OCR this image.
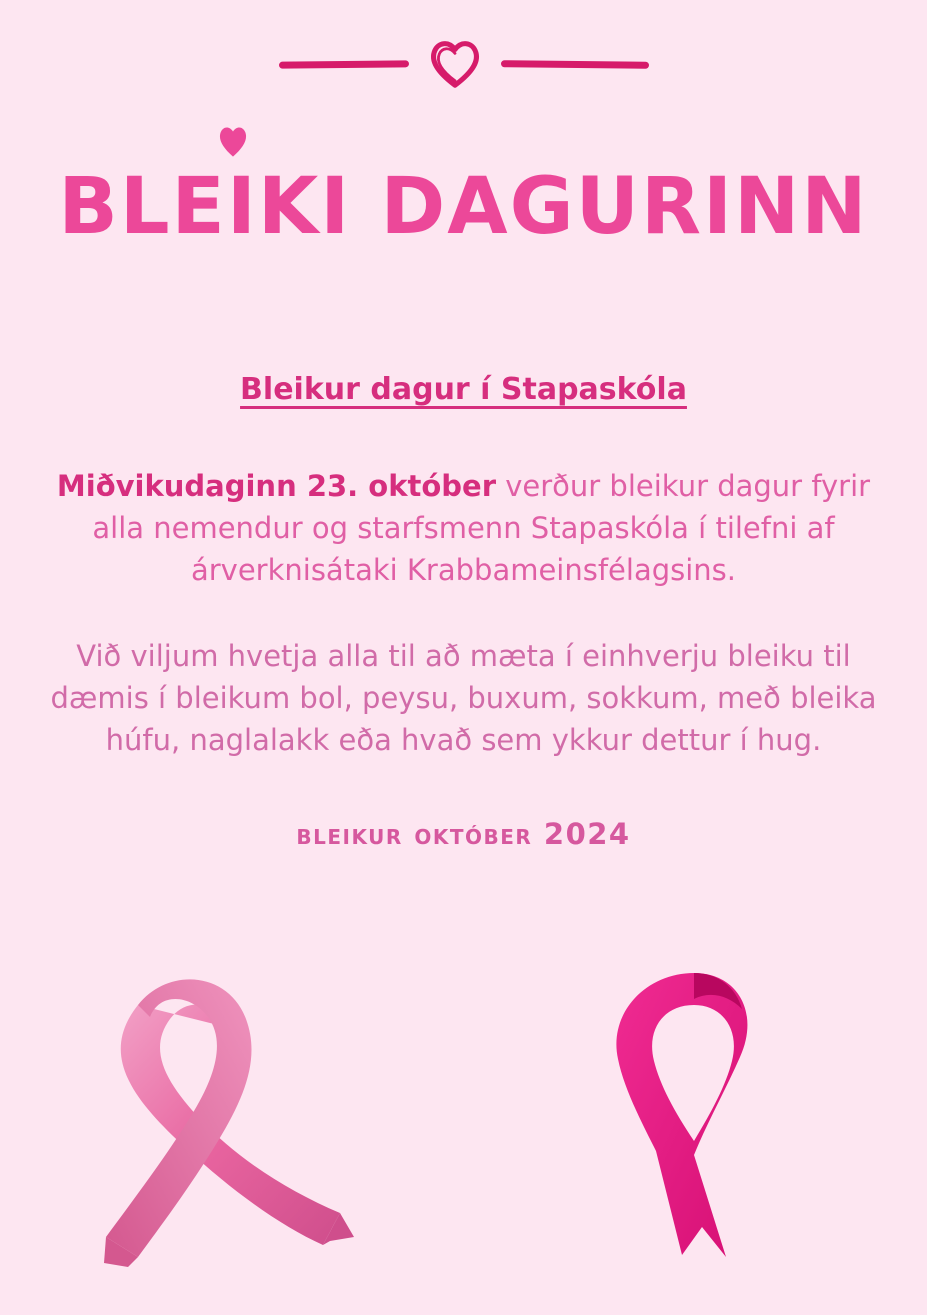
BLEIKI DAGURINN
Bleikur dagur í Stapaskóla

Miðvikudaginn 23. október verður bleikur dagur fyrir alla nemendur og starfsmenn Stapaskóla í tilefni af árverknisátaki Krabbameinsfélagsins.

Við viljum hvetja alla til að mæta í einhverju bleiku til dæmis í bleikum bol, peysu, buxum, sokkum, með bleika húfu, naglalakk eða hvað sem ykkur dettur í hug.

bleikur október 2024
